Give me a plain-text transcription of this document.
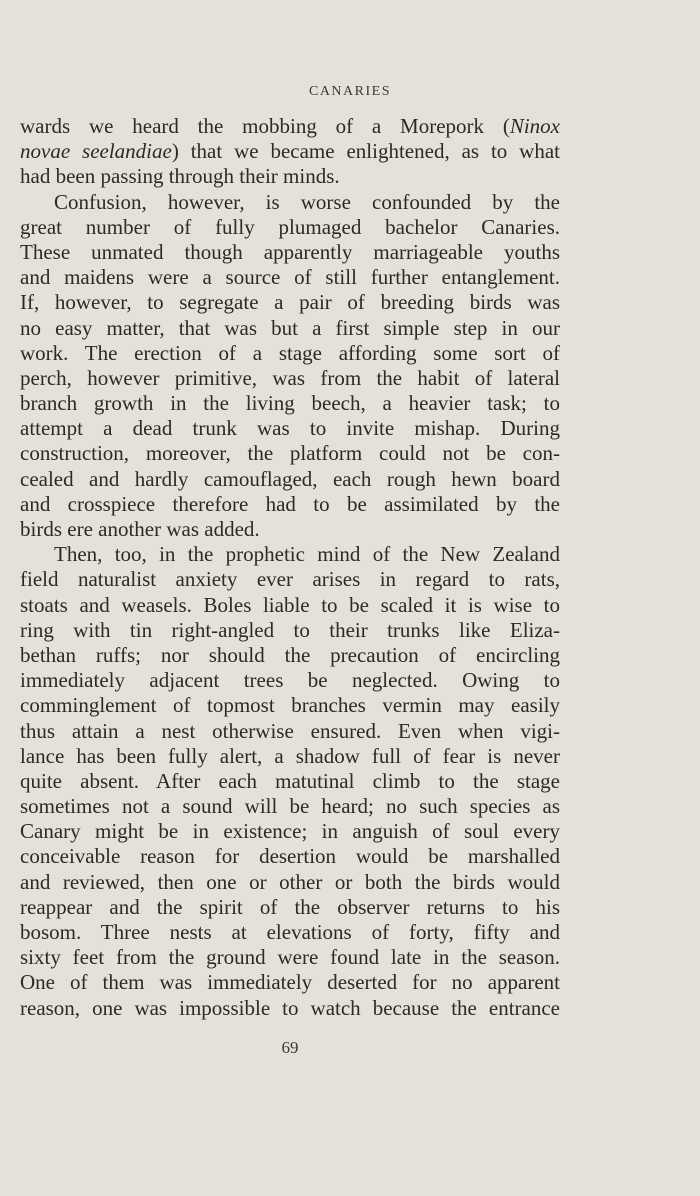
CANARIES
wards we heard the mobbing of a Morepork (Ninox
novae seelandiae) that we became enlightened, as to what
had been passing through their minds.
Confusion, however, is worse confounded by the
great number of fully plumaged bachelor Canaries.
These unmated though apparently marriageable youths
and maidens were a source of still further entanglement.
If, however, to segregate a pair of breeding birds was
no easy matter, that was but a first simple step in our
work. The erection of a stage affording some sort of
perch, however primitive, was from the habit of lateral
branch growth in the living beech, a heavier task; to
attempt a dead trunk was to invite mishap. During
construction, moreover, the platform could not be con-
cealed and hardly camouflaged, each rough hewn board
and crosspiece therefore had to be assimilated by the
birds ere another was added.
Then, too, in the prophetic mind of the New Zealand
field naturalist anxiety ever arises in regard to rats,
stoats and weasels. Boles liable to be scaled it is wise to
ring with tin right-angled to their trunks like Eliza-
bethan ruffs; nor should the precaution of encircling
immediately adjacent trees be neglected. Owing to
comminglement of topmost branches vermin may easily
thus attain a nest otherwise ensured. Even when vigi-
lance has been fully alert, a shadow full of fear is never
quite absent. After each matutinal climb to the stage
sometimes not a sound will be heard; no such species as
Canary might be in existence; in anguish of soul every
conceivable reason for desertion would be marshalled
and reviewed, then one or other or both the birds would
reappear and the spirit of the observer returns to his
bosom. Three nests at elevations of forty, fifty and
sixty feet from the ground were found late in the season.
One of them was immediately deserted for no apparent
reason, one was impossible to watch because the entrance
69
